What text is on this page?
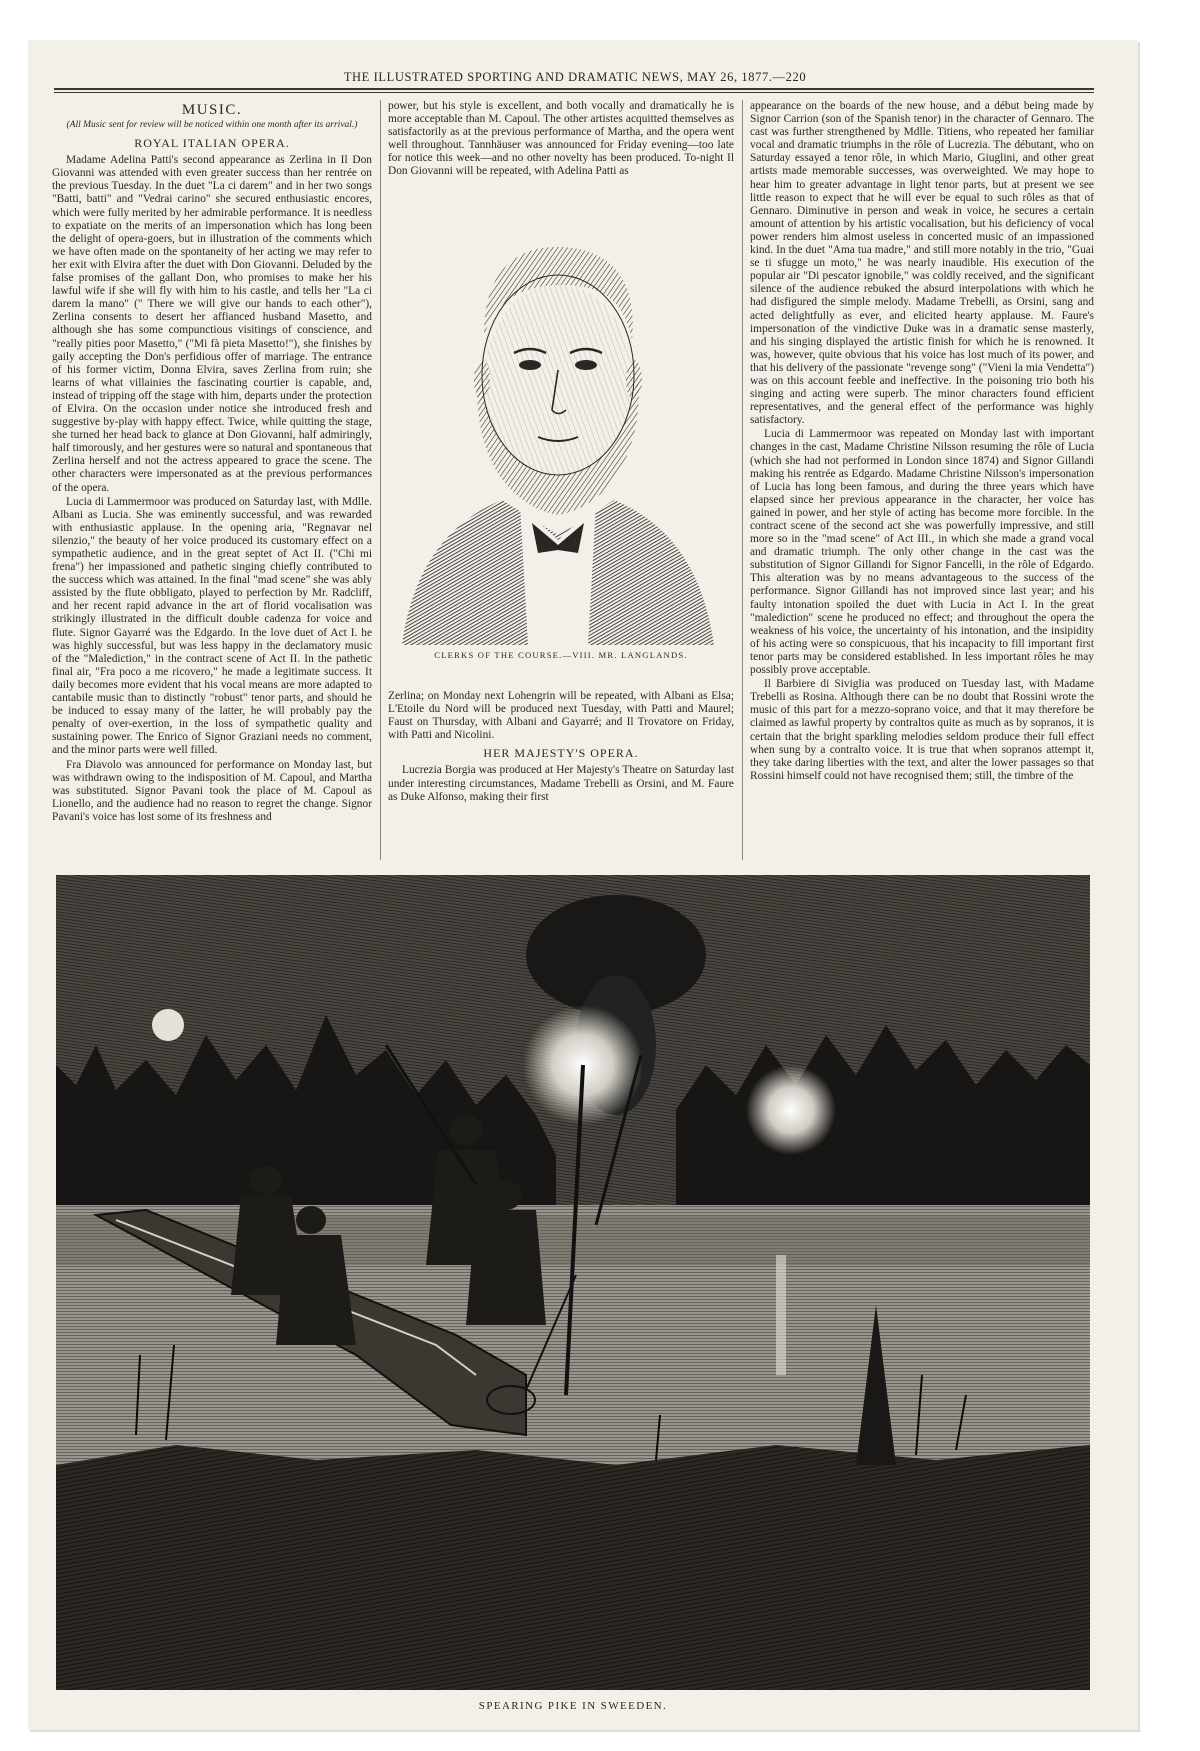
THE ILLUSTRATED SPORTING AND DRAMATIC NEWS, MAY 26, 1877.—220
MUSIC.
(All Music sent for review will be noticed within one month after its arrival.)
ROYAL ITALIAN OPERA.

Madame Adelina Patti's second appearance as Zerlina in Il Don Giovanni was attended with even greater success than her rentrée on the previous Tuesday. In the duet "La ci darem" and in her two songs "Batti, batti" and "Vedrai carino" she secured enthusiastic encores, which were fully merited by her admirable performance. It is needless to expatiate on the merits of an impersonation which has long been the delight of opera-goers, but in illustration of the comments which we have often made on the spontaneity of her acting we may refer to her exit with Elvira after the duet with Don Giovanni. Deluded by the false promises of the gallant Don, who promises to make her his lawful wife if she will fly with him to his castle, and tells her "La ci darem la mano" (" There we will give our hands to each other"), Zerlina consents to desert her affianced husband Masetto, and although she has some compunctious visitings of conscience, and "really pities poor Masetto," ("Mi fà pieta Masetto!"), she finishes by gaily accepting the Don's perfidious offer of marriage. The entrance of his former victim, Donna Elvira, saves Zerlina from ruin; she learns of what villainies the fascinating courtier is capable, and, instead of tripping off the stage with him, departs under the protection of Elvira. On the occasion under notice she introduced fresh and suggestive by-play with happy effect. Twice, while quitting the stage, she turned her head back to glance at Don Giovanni, half admiringly, half timorously, and her gestures were so natural and spontaneous that Zerlina herself and not the actress appeared to grace the scene. The other characters were impersonated as at the previous performances of the opera.

Lucia di Lammermoor was produced on Saturday last, with Mdlle. Albani as Lucia. She was eminently successful, and was rewarded with enthusiastic applause. In the opening aria, "Regnavar nel silenzio," the beauty of her voice produced its customary effect on a sympathetic audience, and in the great septet of Act II. ("Chi mi frena") her impassioned and pathetic singing chiefly contributed to the success which was attained. In the final "mad scene" she was ably assisted by the flute obbligato, played to perfection by Mr. Radcliff, and her recent rapid advance in the art of florid vocalisation was strikingly illustrated in the difficult double cadenza for voice and flute. Signor Gayarré was the Edgardo. In the love duet of Act I. he was highly successful, but was less happy in the declamatory music of the "Malediction," in the contract scene of Act II. In the pathetic final air, "Fra poco a me ricovero," he made a legitimate success. It daily becomes more evident that his vocal means are more adapted to cantabile music than to distinctly "robust" tenor parts, and should he be induced to essay many of the latter, he will probably pay the penalty of over-exertion, in the loss of sympathetic quality and sustaining power. The Enrico of Signor Graziani needs no comment, and the minor parts were well filled.

Fra Diavolo was announced for performance on Monday last, but was withdrawn owing to the indisposition of M. Capoul, and Martha was substituted. Signor Pavani took the place of M. Capoul as Lionello, and the audience had no reason to regret the change. Signor Pavani's voice has lost some of its freshness and

power, but his style is excellent, and both vocally and dramatically he is more acceptable than M. Capoul. The other artistes acquitted themselves as satisfactorily as at the previous performance of Martha, and the opera went well throughout. Tannhäuser was announced for Friday evening—too late for notice this week—and no other novelty has been produced. To-night Il Don Giovanni will be repeated, with Adelina Patti as

CLERKS OF THE COURSE.—VIII. MR. LANGLANDS.

Zerlina; on Monday next Lohengrin will be repeated, with Albani as Elsa; L'Etoile du Nord will be produced next Tuesday, with Patti and Maurel; Faust on Thursday, with Albani and Gayarré; and Il Trovatore on Friday, with Patti and Nicolini.

HER MAJESTY'S OPERA.

Lucrezia Borgia was produced at Her Majesty's Theatre on Saturday last under interesting circumstances, Madame Trebelli as Orsini, and M. Faure as Duke Alfonso, making their first

appearance on the boards of the new house, and a début being made by Signor Carrion (son of the Spanish tenor) in the character of Gennaro. The cast was further strengthened by Mdlle. Titiens, who repeated her familiar vocal and dramatic triumphs in the rôle of Lucrezia. The débutant, who on Saturday essayed a tenor rôle, in which Mario, Giuglini, and other great artists made memorable successes, was overweighted. We may hope to hear him to greater advantage in light tenor parts, but at present we see little reason to expect that he will ever be equal to such rôles as that of Gennaro. Diminutive in person and weak in voice, he secures a certain amount of attention by his artistic vocalisation, but his deficiency of vocal power renders him almost useless in concerted music of an impassioned kind. In the duet "Ama tua madre," and still more notably in the trio, "Guai se ti sfugge un moto," he was nearly inaudible. His execution of the popular air "Di pescator ignobile," was coldly received, and the significant silence of the audience rebuked the absurd interpolations with which he had disfigured the simple melody. Madame Trebelli, as Orsini, sang and acted delightfully as ever, and elicited hearty applause. M. Faure's impersonation of the vindictive Duke was in a dramatic sense masterly, and his singing displayed the artistic finish for which he is renowned. It was, however, quite obvious that his voice has lost much of its power, and that his delivery of the passionate "revenge song" ("Vieni la mia Vendetta") was on this account feeble and ineffective. In the poisoning trio both his singing and acting were superb. The minor characters found efficient representatives, and the general effect of the performance was highly satisfactory.

Lucia di Lammermoor was repeated on Monday last with important changes in the cast, Madame Christine Nilsson resuming the rôle of Lucia (which she had not performed in London since 1874) and Signor Gillandi making his rentrée as Edgardo. Madame Christine Nilsson's impersonation of Lucia has long been famous, and during the three years which have elapsed since her previous appearance in the character, her voice has gained in power, and her style of acting has become more forcible. In the contract scene of the second act she was powerfully impressive, and still more so in the "mad scene" of Act III., in which she made a grand vocal and dramatic triumph. The only other change in the cast was the substitution of Signor Gillandi for Signor Fancelli, in the rôle of Edgardo. This alteration was by no means advantageous to the success of the performance. Signor Gillandi has not improved since last year; and his faulty intonation spoiled the duet with Lucia in Act I. In the great "malediction" scene he produced no effect; and throughout the opera the weakness of his voice, the uncertainty of his intonation, and the insipidity of his acting were so conspicuous, that his incapacity to fill important first tenor parts may be considered established. In less important rôles he may possibly prove acceptable.

Il Barbiere di Siviglia was produced on Tuesday last, with Madame Trebelli as Rosina. Although there can be no doubt that Rossini wrote the music of this part for a mezzo-soprano voice, and that it may therefore be claimed as lawful property by contraltos quite as much as by sopranos, it is certain that the bright sparkling melodies seldom produce their full effect when sung by a contralto voice. It is true that when sopranos attempt it, they take daring liberties with the text, and alter the lower passages so that Rossini himself could not have recognised them; still, the timbre of the

SPEARING PIKE IN SWEEDEN.
